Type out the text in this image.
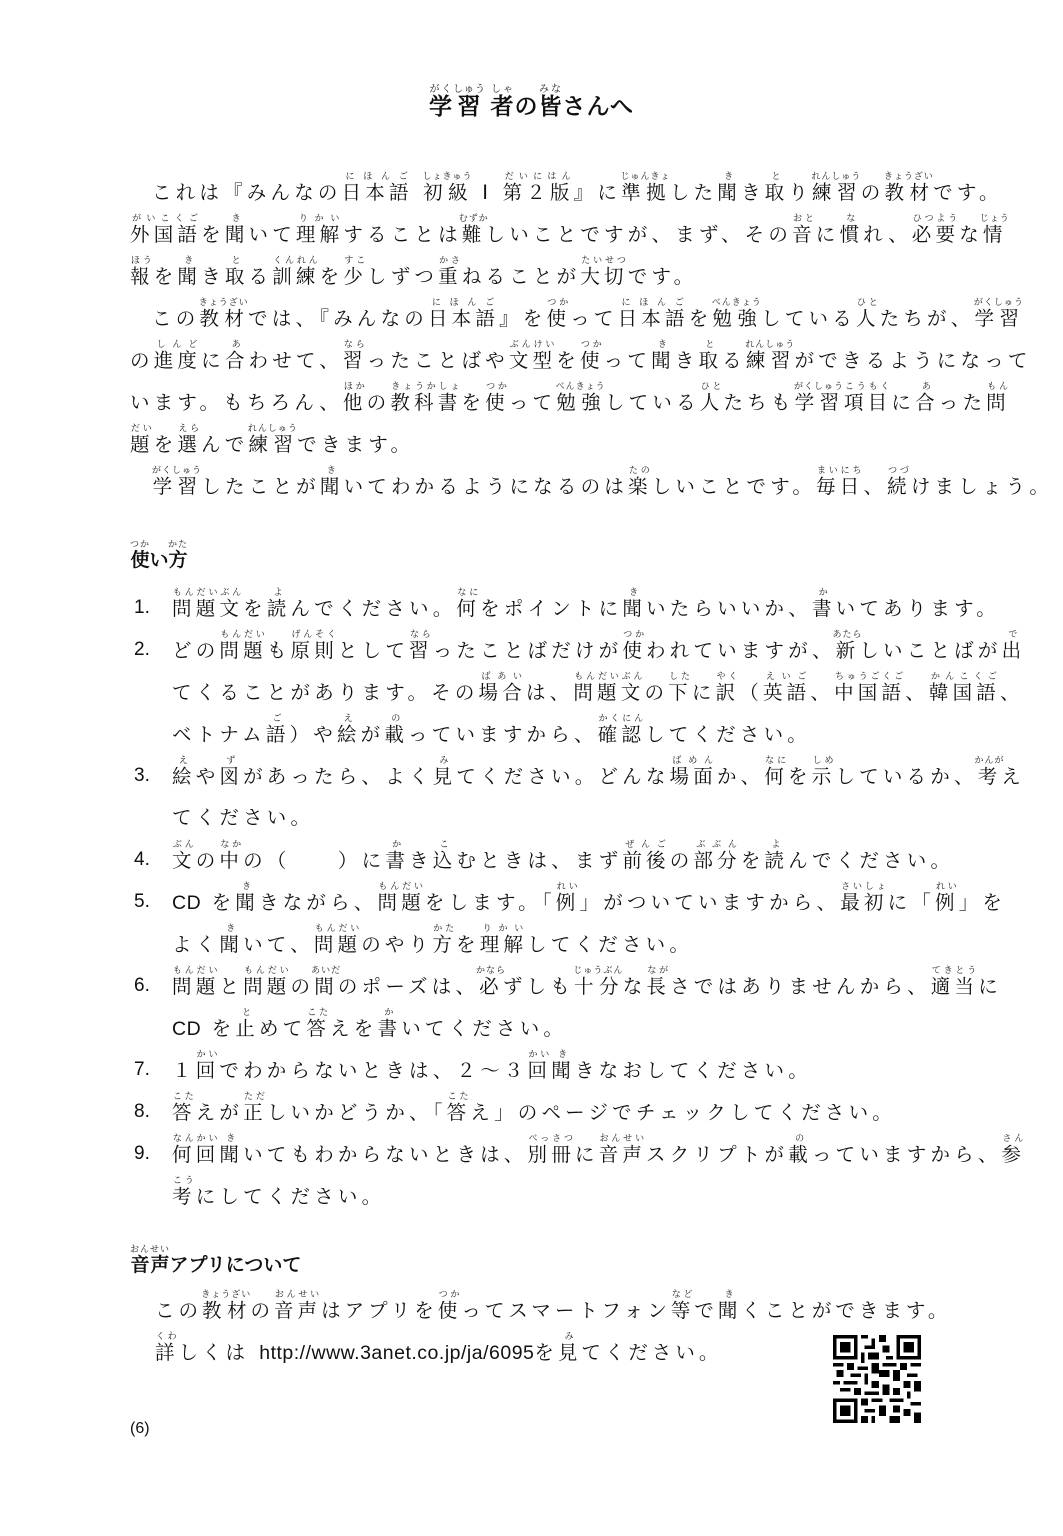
学がく習しゅう 者しゃの皆みなさんへ
これは『みんなの日本語にほんご 初級しょきゅう Ⅰ 第２版だいにはん』に準拠じゅんきょした聞きき取とり練習れんしゅうの教材きょうざいです。
外国語がいこくごを聞きいて理解りかいすることは難むずかしいことですが、まず、その音おとに慣なれ、必要ひつような情じょう
報ほうを聞きき取とる訓練くんれんを少すこしずつ重かさねることが大切たいせつです。
この教材きょうざいでは、『みんなの日本語にほんご』を使つかって日本語にほんごを勉強べんきょうしている人ひとたちが、学習がくしゅう
の進度しんどに合あわせて、習ならったことばや文型ぶんけいを使つかって聞きき取とる練習れんしゅうができるようになって
います。もちろん、他ほかの教科書きょうかしょを使つかって勉強べんきょうしている人ひとたちも学習がくしゅう項目こうもくに合あった問もん
題だいを選えらんで練習れんしゅうできます。
学習がくしゅうしたことが聞きいてわかるようになるのは楽たのしいことです。毎日まいにち、続つづけましょう。
使つかい方かた
1. 問題文もんだいぶんを読よんでください。何なにをポイントに聞きいたらいいか、書かいてあります。
2. どの問題もんだいも原則げんそくとして習ならったことばだけが使つかわれていますが、新あたらしいことばが出で
てくることがあります。その場合ばあいは、問題文もんだいぶんの下したに訳やく（英語えいご、中国語ちゅうごくご、韓国語かんこくご、
ベトナム語ご）や絵えが載のっていますから、確認かくにんしてください。
3. 絵えや図ずがあったら、よく見みてください。どんな場面ばめんか、何なにを示しめしているか、考かんがえ
てください。
4. 文ぶんの中なかの（　　）に書かき込こむときは、まず前後ぜんごの部分ぶぶんを読よんでください。
5. CD を聞ききながら、問題もんだいをします。「例れい」がついていますから、最初さいしょに「例れい」を
よく聞きいて、問題もんだいのやり方かたを理解りかいしてください。
6. 問題もんだいと問題もんだいの間あいだのポーズは、必かならずしも十分じゅうぶんな長ながさではありませんから、適当てきとうに
CD を止とめて答こたえを書かいてください。
7. １回かいでわからないときは、２～３回かい聞ききなおしてください。
8. 答こたえが正ただしいかどうか、「答こたえ」のページでチェックしてください。
9. 何回なんかい聞きいてもわからないときは、別冊べっさつに音声おんせいスクリプトが載のっていますから、参さん
考こうにしてください。
音声おんせいアプリについて
この教材きょうざいの音声おんせいはアプリを使つかってスマートフォン等などで聞きくことができます。
詳くわしくは http://www.3anet.co.jp/ja/6095を見みてください。
(6)
